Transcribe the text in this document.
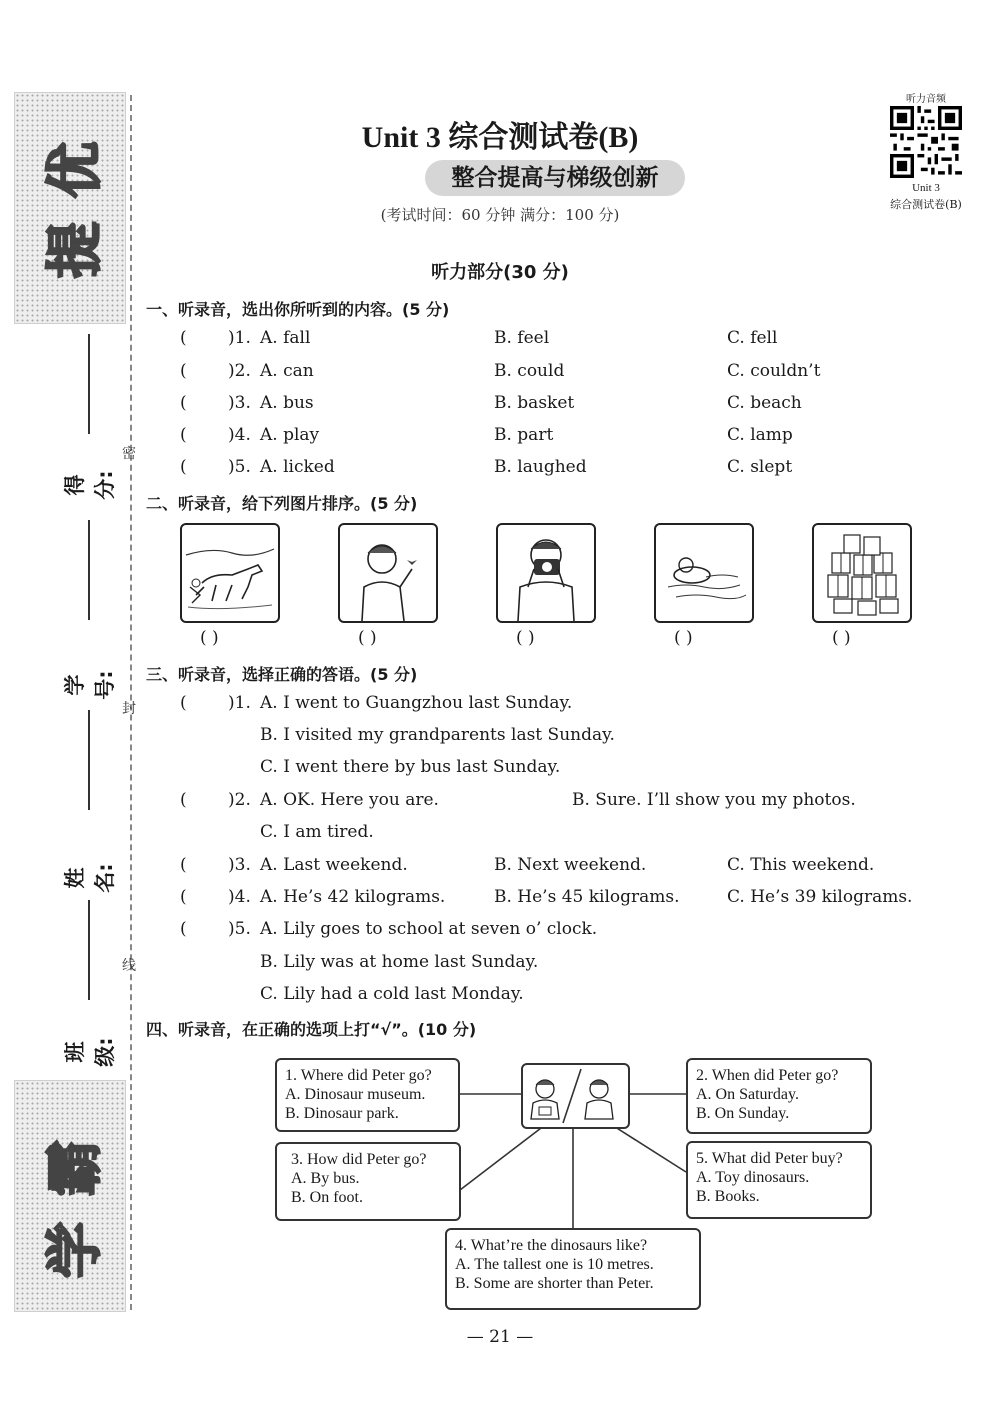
优
提
霸
学
得分:
学号:
姓名:
班级:
密
封
线
Unit 3 综合测试卷(B)
整合提高与梯级创新
(考试时间：60 分钟 满分：100 分)
听力音频
Unit 3
综合测试卷(B)
听力部分(30 分)
一、听录音，选出你所听到的内容。(5 分)
( )1. A. fall	B. feel	C. fell
( )2. A. can	B. could	C. couldn’t
( )3. A. bus	B. basket	C. beach
( )4. A. play	B. part	C. lamp
( )5. A. licked	B. laughed	C. slept
二、听录音，给下列图片排序。(5 分)
( )	( )	( )	( )	( )
三、听录音，选择正确的答语。(5 分)
( )1. A. I went to Guangzhou last Sunday.
B. I visited my grandparents last Sunday.
C. I went there by bus last Sunday.
( )2. A. OK. Here you are.	B. Sure. I’ll show you my photos.
C. I am tired.
( )3. A. Last weekend.	B. Next weekend.	C. This weekend.
( )4. A. He’s 42 kilograms.	B. He’s 45 kilograms.	C. He’s 39 kilograms.
( )5. A. Lily goes to school at seven o’ clock.
B. Lily was at home last Sunday.
C. Lily had a cold last Monday.
四、听录音，在正确的选项上打“√”。(10 分)
1. Where did Peter go?
A. Dinosaur museum.
B. Dinosaur park.
2. When did Peter go?
A. On Saturday.
B. On Sunday.
3. How did Peter go?
A. By bus.
B. On foot.
5. What did Peter buy?
A. Toy dinosaurs.
B. Books.
4. What’re the dinosaurs like?
A. The tallest one is 10 metres.
B. Some are shorter than Peter.
— 21 —
